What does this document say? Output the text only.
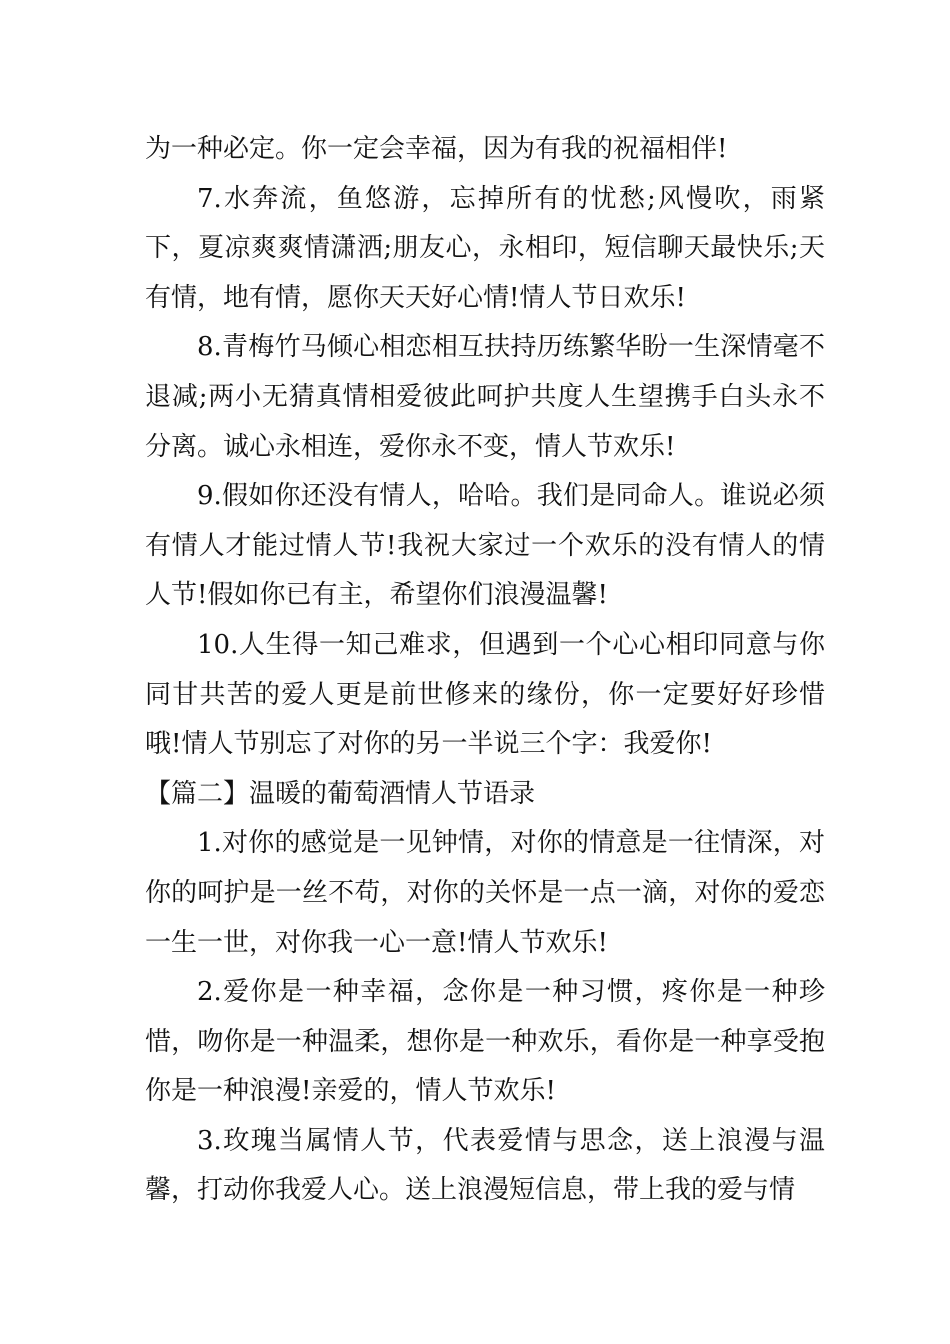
为一种必定。你一定会幸福，因为有我的祝福相伴!

7.水奔流，鱼悠游，忘掉所有的忧愁;风慢吹，雨紧下，夏凉爽爽情潇洒;朋友心，永相印，短信聊天最快乐;天有情，地有情，愿你天天好心情!情人节日欢乐!

8.青梅竹马倾心相恋相互扶持历练繁华盼一生深情毫不退减;两小无猜真情相爱彼此呵护共度人生望携手白头永不分离。诚心永相连，爱你永不变，情人节欢乐!

9.假如你还没有情人，哈哈。我们是同命人。谁说必须有情人才能过情人节!我祝大家过一个欢乐的没有情人的情人节!假如你已有主，希望你们浪漫温馨!

10.人生得一知己难求，但遇到一个心心相印同意与你同甘共苦的爱人更是前世修来的缘份，你一定要好好珍惜哦!情人节别忘了对你的另一半说三个字：我爱你!

【篇二】温暖的葡萄酒情人节语录

1.对你的感觉是一见钟情，对你的情意是一往情深，对你的呵护是一丝不苟，对你的关怀是一点一滴，对你的爱恋一生一世，对你我一心一意!情人节欢乐!

2.爱你是一种幸福，念你是一种习惯，疼你是一种珍惜，吻你是一种温柔，想你是一种欢乐，看你是一种享受抱你是一种浪漫!亲爱的，情人节欢乐!

3.玫瑰当属情人节，代表爱情与思念，送上浪漫与温馨，打动你我爱人心。送上浪漫短信息，带上我的爱与情
